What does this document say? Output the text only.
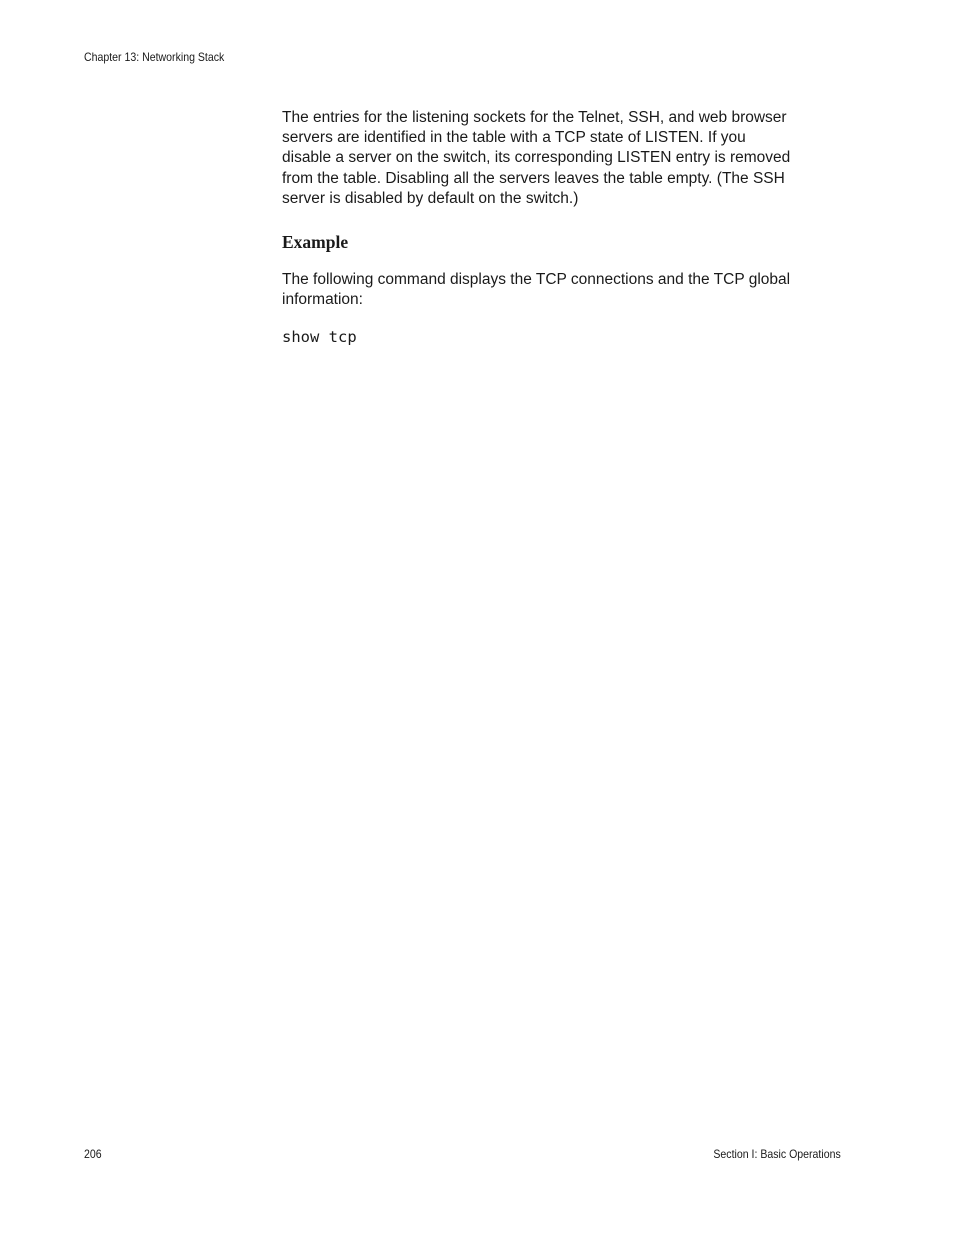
Chapter 13: Networking Stack

The entries for the listening sockets for the Telnet, SSH, and web browser
servers are identified in the table with a TCP state of LISTEN. If you
disable a server on the switch, its corresponding LISTEN entry is removed
from the table. Disabling all the servers leaves the table empty. (The SSH
server is disabled by default on the switch.)

Example

The following command displays the TCP connections and the TCP global
information:

show tcp

206	Section I: Basic Operations
